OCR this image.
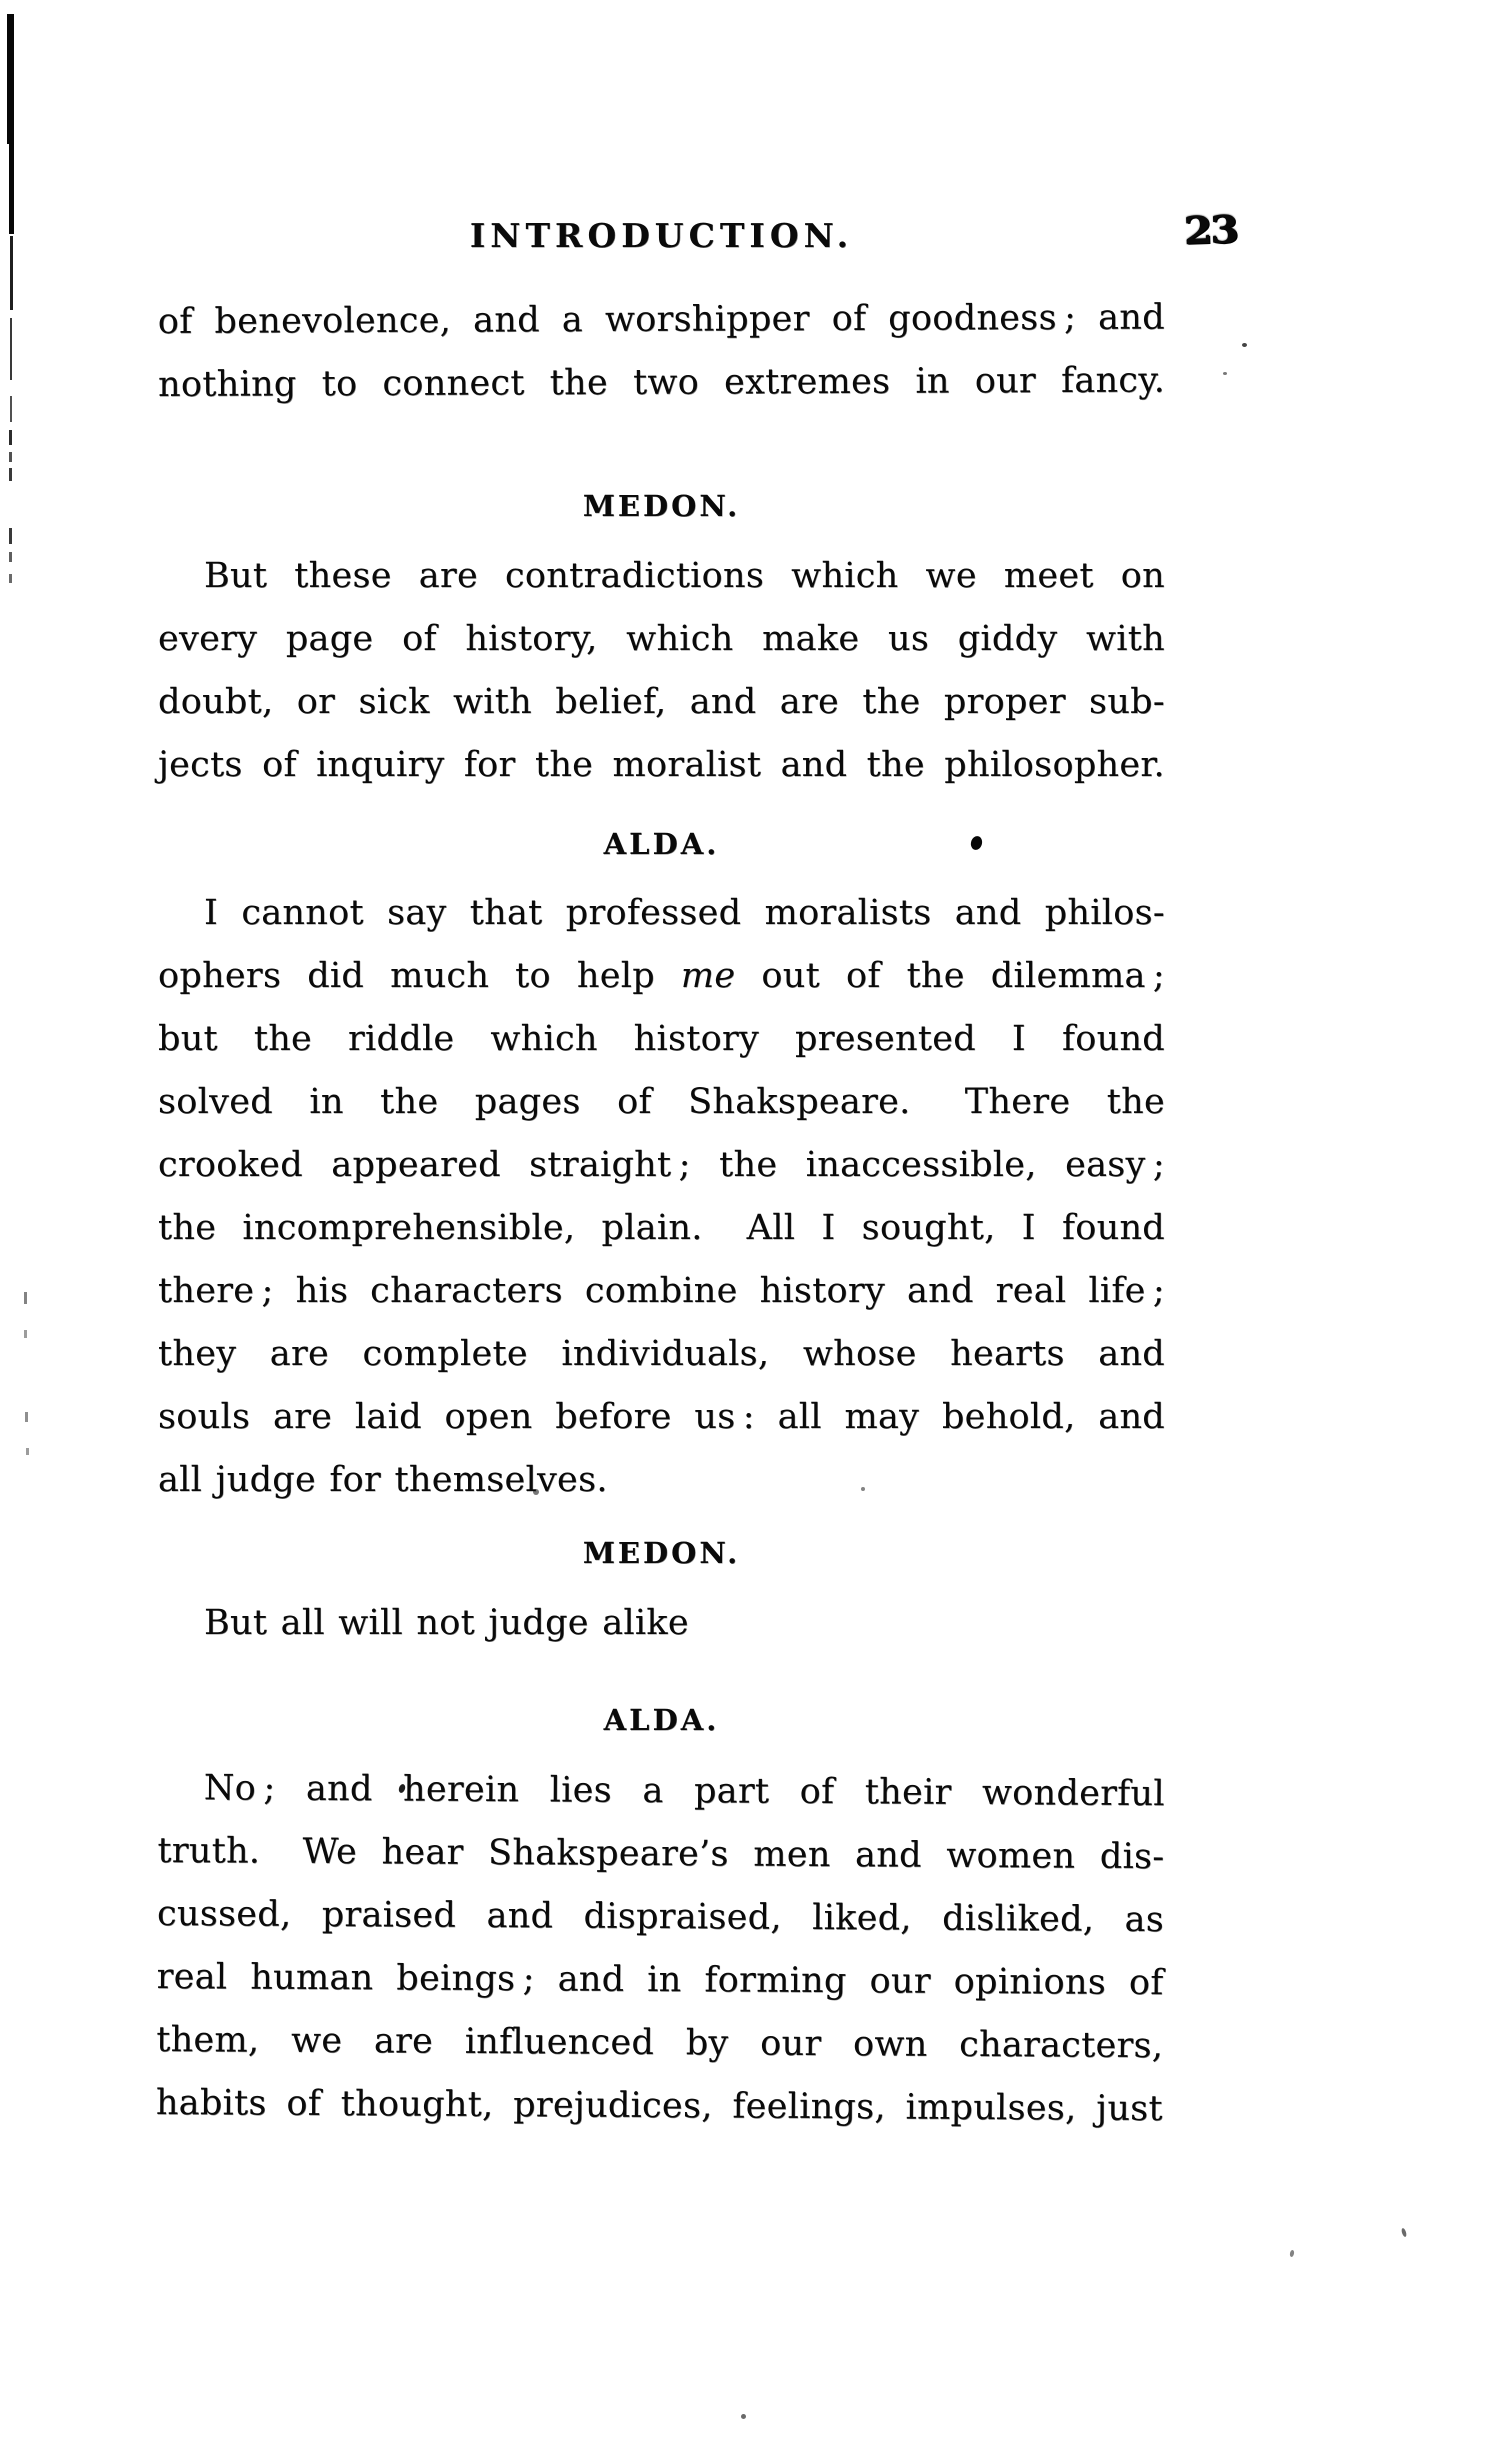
INTRODUCTION.	23
of benevolence, and a worshipper of goodness ; and
nothing to connect the two extremes in our fancy.
MEDON.
But these are contradictions which we meet on
every page of history, which make us giddy with
doubt, or sick with belief, and are the proper sub-
jects of inquiry for the moralist and the philosopher.
ALDA.
I cannot say that professed moralists and philos-
ophers did much to help me out of the dilemma ;
but the riddle which history presented I found
solved in the pages of Shakspeare.  There the
crooked appeared straight ; the inaccessible, easy ;
the incomprehensible, plain.  All I sought, I found
there ; his characters combine history and real life ;
they are complete individuals, whose hearts and
souls are laid open before us : all may behold, and
all judge for themselves.
MEDON.
But all will not judge alike
ALDA.
No ; and herein lies a part of their wonderful
truth.  We hear Shakspeare’s men and women dis-
cussed, praised and dispraised, liked, disliked, as
real human beings ; and in forming our opinions of
them, we are influenced by our own characters,
habits of thought, prejudices, feelings, impulses, just
